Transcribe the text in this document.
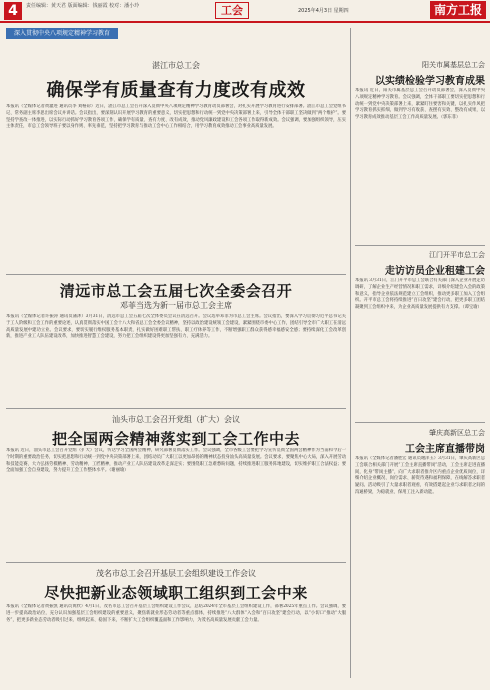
4	责任编辑：黄天君 版面编辑：钱丽霞 校对：潘小玲	工会	2025年4月3日 星期四	南方工报
深入贯彻中央八项规定精神学习教育
湛江市总工会
确保学有质量查有力度改有成效
本报讯（全媒体记者黄灌进 通讯员李 刘格彩）近日，湛江市总工会召开深入贯彻中央八项规定精神学习教育动员部署会，对扎实开展学习教育进行安排部署。湛江市总工会党组书记、常务副主席李思出席会议并讲话。会议指出，要深刻认识开展学习教育的重要意义，切实把思想和行动统一到党中央决策部署上来，引导全体干部职工坚决做到“两个维护”。要坚持学查改一体推进，以实际行动抓好学习教育各项工作，确保学有质量、查有力度、改有成效，推动党风廉政建设和工会各项工作取得新成效。会议强调，要加强组织领导，压实主体责任，市总工会领导班子要以身作则、率先垂范，坚持把学习教育与推动工会中心工作相结合，用学习教育成效推动工会事业高质量发展。
阳关市属基层总工会
以实绩检验学习教育成果
本报讯 近日，阳关市属基层总工会召开动员部署会，深入贯彻中央八项规定精神学习教育。会议强调，全体干部职工要切实把思想和行动统一到党中央决策部署上来，紧紧盯住要害和关键，以扎实作风把学习教育抓实抓细，做到学习有收获、查摆有实效、整改有成果，以学习教育成效推动基层工会工作高质量发展。（郭东菲）
清远市总工会五届七次全委会召开
邓菲当选为新一届市总工会主席
本报讯（全媒体记者许振涛 通讯员蒲沐）3月31日，清远市总工会五届七次全体委员会议在清远召开。会议选举邓菲为市总工会主席。会议指出，要深入学习贯彻习近平总书记关于工人阶级和工会工作的重要论述，认真贯彻落实中国工会十八大和省总工会全委会议精神，坚持以政治建设统领工会建设，紧紧围绕市委中心工作，团结引导全市广大职工在清远高质量发展中建功立业。会议要求，要切实履行维权服务基本职责，扎实做好困难职工帮扶、职工疗休养等工作，不断增强职工群众获得感幸福感安全感；要持续深化工会改革创新，推进产业工人队伍建设改革，加快推进智慧工会建设，努力把工会组织建设得更加坚强有力、充满活力。
江门开平市总工会
走访访员企业租建工会
本报讯 3月31日，江门开平市总工会联合有关部门深入企业开展走访调研，了解企业生产经营情况和职工需求，详细介绍建会入会的政策和意义，指导企业依法规范建立工会组织，推动更多职工加入工会组织。开平市总工会将持续推进“百日攻坚”建会行动，把更多职工团结凝聚到工会组织中来，为企业高质量发展提供有力支撑。（谭宝瑜）
汕头市总工会召开党组（扩大）会议
把全国两会精神落实到工会工作中去
本报讯 近日，汕头市总工会召开党组（扩大）会议，传达学习全国两会精神，研究部署贯彻落实工作。会议强调，全市各级工会要把学习宣传贯彻全国两会精神作为当前和今后一个时期的重要政治任务，切实把思想和行动统一到党中央决策部署上来，团结动员广大职工以更加昂扬的精神状态投身汕头高质量发展。会议要求，要聚焦中心大局，深入开展劳动和技能竞赛，大力弘扬劳模精神、劳动精神、工匠精神，推动产业工人队伍建设改革走深走实；要围绕职工急难愁盼问题，持续推进职工服务阵地建设，切实维护职工合法权益；要全面加强工会自身建设，努力提升工会工作整体水平。（谢丽瑜）
肇庆高新区总工会
工会主席直播带岗
本报讯（全媒体记者潘胜宏 通讯员谢泽玉）3月31日，肇庆高新区总工会联合相关部门开展“工会主席直播带岗”活动，工会主席走进直播间，化身“带岗主播”，向广大求职者推介区内重点企业优质岗位，详细介绍企业概况、岗位需求、薪资待遇和福利保障，在线解答求职者疑问。活动吸引了大量求职者观看，有效搭建起企业与求职者之间的沟通桥梁，为稳就业、保用工注入新动能。
茂名市总工会召开基层工会组织建设工作会议
尽快把新业态领域职工组织到工会中来
本报讯（全媒体记者黄振凯 通讯员黄欣）4月1日，茂名市总工会召开基层工会组织建设工作会议，总结2024年全市基层工会组织建设工作，部署2025年重点工作。会议强调，要进一步提高政治站位，充分认识加强基层工会组织建设的重要意义，聚焦新就业形态劳动者等重点群体，持续推进“八大群体”入会和“百日攻坚”建会行动，以“小切口”推动“大服务”，把更多新业态劳动者吸引过来、组织起来、稳固下来，不断扩大工会组织覆盖面和工作影响力，为茂名高质量发展贡献工会力量。
